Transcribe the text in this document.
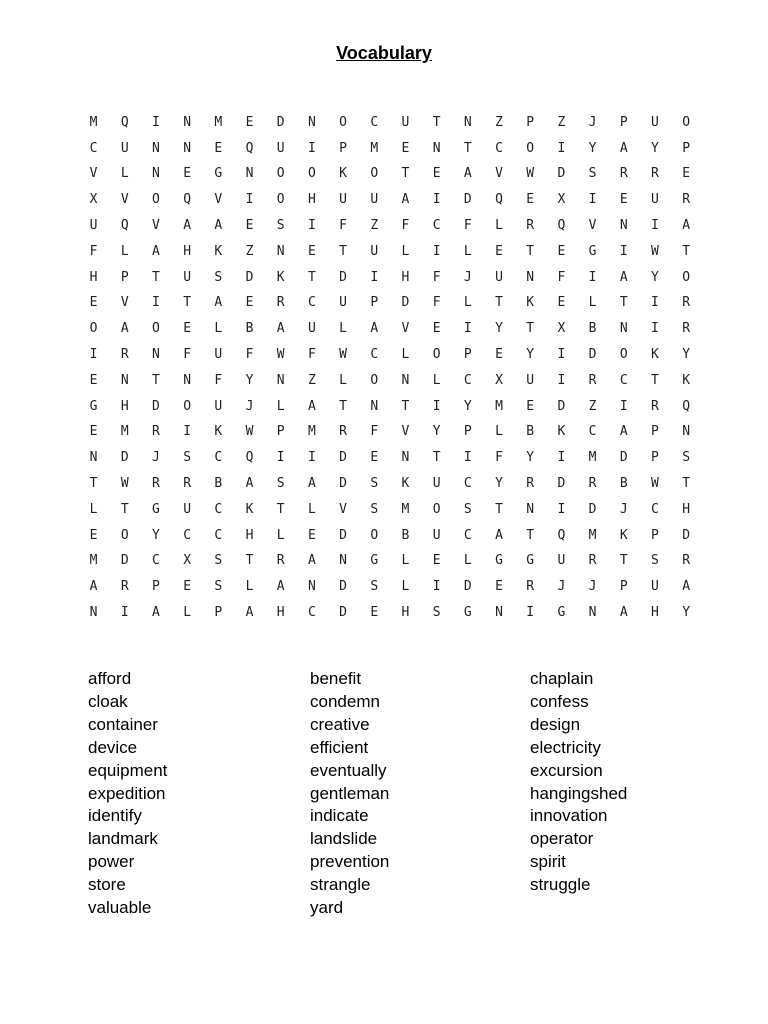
Vocabulary
M	Q	I	N	M	E	D	N	O	C	U	T	N	Z	P	Z	J	P	U	O
C	U	N	N	E	Q	U	I	P	M	E	N	T	C	O	I	Y	A	Y	P
V	L	N	E	G	N	O	O	K	O	T	E	A	V	W	D	S	R	R	E
X	V	O	Q	V	I	O	H	U	U	A	I	D	Q	E	X	I	E	U	R
U	Q	V	A	A	E	S	I	F	Z	F	C	F	L	R	Q	V	N	I	A
F	L	A	H	K	Z	N	E	T	U	L	I	L	E	T	E	G	I	W	T
H	P	T	U	S	D	K	T	D	I	H	F	J	U	N	F	I	A	Y	O
E	V	I	T	A	E	R	C	U	P	D	F	L	T	K	E	L	T	I	R
O	A	O	E	L	B	A	U	L	A	V	E	I	Y	T	X	B	N	I	R
I	R	N	F	U	F	W	F	W	C	L	O	P	E	Y	I	D	O	K	Y
E	N	T	N	F	Y	N	Z	L	O	N	L	C	X	U	I	R	C	T	K
G	H	D	O	U	J	L	A	T	N	T	I	Y	M	E	D	Z	I	R	Q
E	M	R	I	K	W	P	M	R	F	V	Y	P	L	B	K	C	A	P	N
N	D	J	S	C	Q	I	I	D	E	N	T	I	F	Y	I	M	D	P	S
T	W	R	R	B	A	S	A	D	S	K	U	C	Y	R	D	R	B	W	T
L	T	G	U	C	K	T	L	V	S	M	O	S	T	N	I	D	J	C	H
E	O	Y	C	C	H	L	E	D	O	B	U	C	A	T	Q	M	K	P	D
M	D	C	X	S	T	R	A	N	G	L	E	L	G	G	U	R	T	S	R
A	R	P	E	S	L	A	N	D	S	L	I	D	E	R	J	J	P	U	A
N	I	A	L	P	A	H	C	D	E	H	S	G	N	I	G	N	A	H	Y
afford
cloak
container
device
equipment
expedition
identify
landmark
power
store
valuable
benefit
condemn
creative
efficient
eventually
gentleman
indicate
landslide
prevention
strangle
yard
chaplain
confess
design
electricity
excursion
hangingshed
innovation
operator
spirit
struggle
